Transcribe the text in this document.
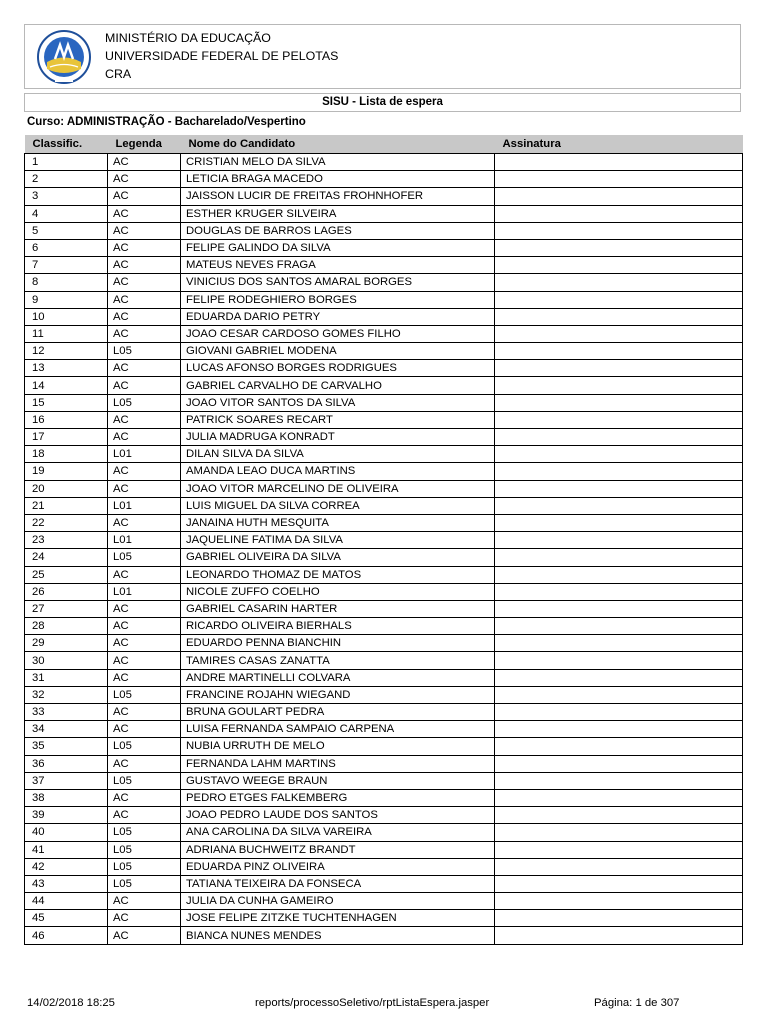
MINISTÉRIO DA EDUCAÇÃO
UNIVERSIDADE FEDERAL DE PELOTAS
CRA
SISU - Lista de espera
Curso: ADMINISTRAÇÃO - Bacharelado/Vespertino
Classific.	Legenda	Nome do Candidato	Assinatura
1	AC	CRISTIAN MELO DA SILVA	
2	AC	LETICIA BRAGA MACEDO	
3	AC	JAISSON LUCIR DE FREITAS FROHNHOFER	
4	AC	ESTHER KRUGER SILVEIRA	
5	AC	DOUGLAS DE BARROS LAGES	
6	AC	FELIPE GALINDO DA SILVA	
7	AC	MATEUS NEVES FRAGA	
8	AC	VINICIUS DOS SANTOS AMARAL BORGES	
9	AC	FELIPE RODEGHIERO BORGES	
10	AC	EDUARDA DARIO PETRY	
11	AC	JOAO CESAR CARDOSO GOMES FILHO	
12	L05	GIOVANI GABRIEL MODENA	
13	AC	LUCAS AFONSO BORGES RODRIGUES	
14	AC	GABRIEL CARVALHO DE CARVALHO	
15	L05	JOAO VITOR SANTOS DA SILVA	
16	AC	PATRICK SOARES RECART	
17	AC	JULIA MADRUGA KONRADT	
18	L01	DILAN SILVA DA SILVA	
19	AC	AMANDA LEAO DUCA MARTINS	
20	AC	JOAO VITOR MARCELINO DE OLIVEIRA	
21	L01	LUIS MIGUEL DA SILVA CORREA	
22	AC	JANAINA HUTH MESQUITA	
23	L01	JAQUELINE FATIMA DA SILVA	
24	L05	GABRIEL OLIVEIRA DA SILVA	
25	AC	LEONARDO THOMAZ DE MATOS	
26	L01	NICOLE ZUFFO COELHO	
27	AC	GABRIEL CASARIN HARTER	
28	AC	RICARDO OLIVEIRA BIERHALS	
29	AC	EDUARDO PENNA BIANCHIN	
30	AC	TAMIRES CASAS ZANATTA	
31	AC	ANDRE MARTINELLI COLVARA	
32	L05	FRANCINE ROJAHN WIEGAND	
33	AC	BRUNA GOULART PEDRA	
34	AC	LUISA FERNANDA SAMPAIO CARPENA	
35	L05	NUBIA URRUTH DE MELO	
36	AC	FERNANDA LAHM MARTINS	
37	L05	GUSTAVO WEEGE BRAUN	
38	AC	PEDRO ETGES FALKEMBERG	
39	AC	JOAO PEDRO LAUDE DOS SANTOS	
40	L05	ANA CAROLINA DA SILVA VAREIRA	
41	L05	ADRIANA BUCHWEITZ BRANDT	
42	L05	EDUARDA PINZ OLIVEIRA	
43	L05	TATIANA TEIXEIRA DA FONSECA	
44	AC	JULIA DA CUNHA GAMEIRO	
45	AC	JOSE FELIPE ZITZKE TUCHTENHAGEN	
46	AC	BIANCA NUNES MENDES	
14/02/2018 18:25	reports/processoSeletivo/rptListaEspera.jasper	Página: 1 de 307
